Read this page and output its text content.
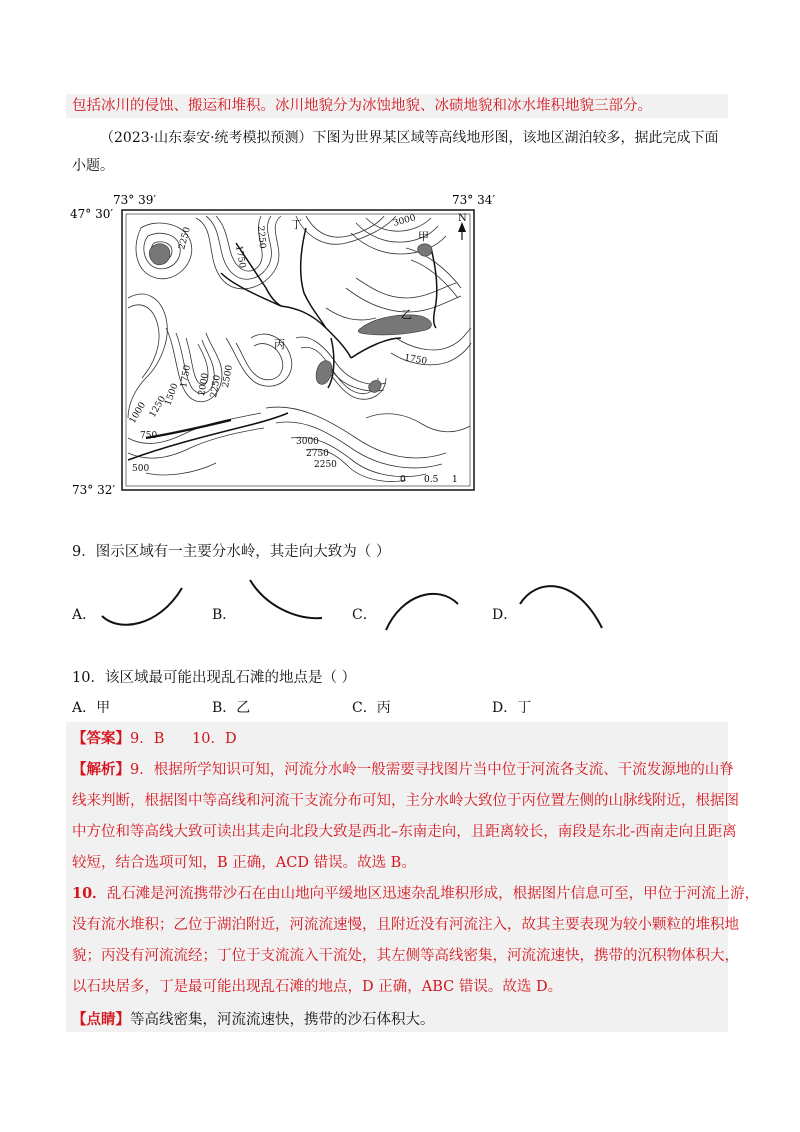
包括冰川的侵蚀、搬运和堆积。冰川地貌分为冰蚀地貌、冰碛地貌和冰水堆积地貌三部分。
（2023·山东泰安·统考模拟预测）下图为世界某区域等高线地形图，该地区湖泊较多，据此完成下面
小题。
73° 39′	73° 34′
47° 30′
73° 32′
N
甲
乙
丙
丁
2250
1750
2250
3000
1750
2250
2000 2500
1750
1500
1250
1000
750
500
3000
2750
2250
0 0.5 1
9．图示区域有一主要分水岭，其走向大致为（ ）
A．	B．	C．	D．
10．该区域最可能出现乱石滩的地点是（ ）
A．甲	B．乙	C．丙	D．丁
【答案】9．B      10．D
【解析】9．根据所学知识可知，河流分水岭一般需要寻找图片当中位于河流各支流、干流发源地的山脊
线来判断，根据图中等高线和河流干支流分布可知，主分水岭大致位于丙位置左侧的山脉线附近，根据图
中方位和等高线大致可读出其走向北段大致是西北–东南走向，且距离较长，南段是东北-西南走向且距离
较短，结合选项可知，B 正确，ACD 错误。故选 B。
10．乱石滩是河流携带沙石在由山地向平缓地区迅速杂乱堆积形成，根据图片信息可至，甲位于河流上游，
没有流水堆积；乙位于湖泊附近，河流流速慢，且附近没有河流注入，故其主要表现为较小颗粒的堆积地
貌；丙没有河流流经；丁位于支流流入干流处，其左侧等高线密集，河流流速快，携带的沉积物体积大，
以石块居多，丁是最可能出现乱石滩的地点，D 正确，ABC 错误。故选 D。
【点睛】等高线密集，河流流速快，携带的沙石体积大。
